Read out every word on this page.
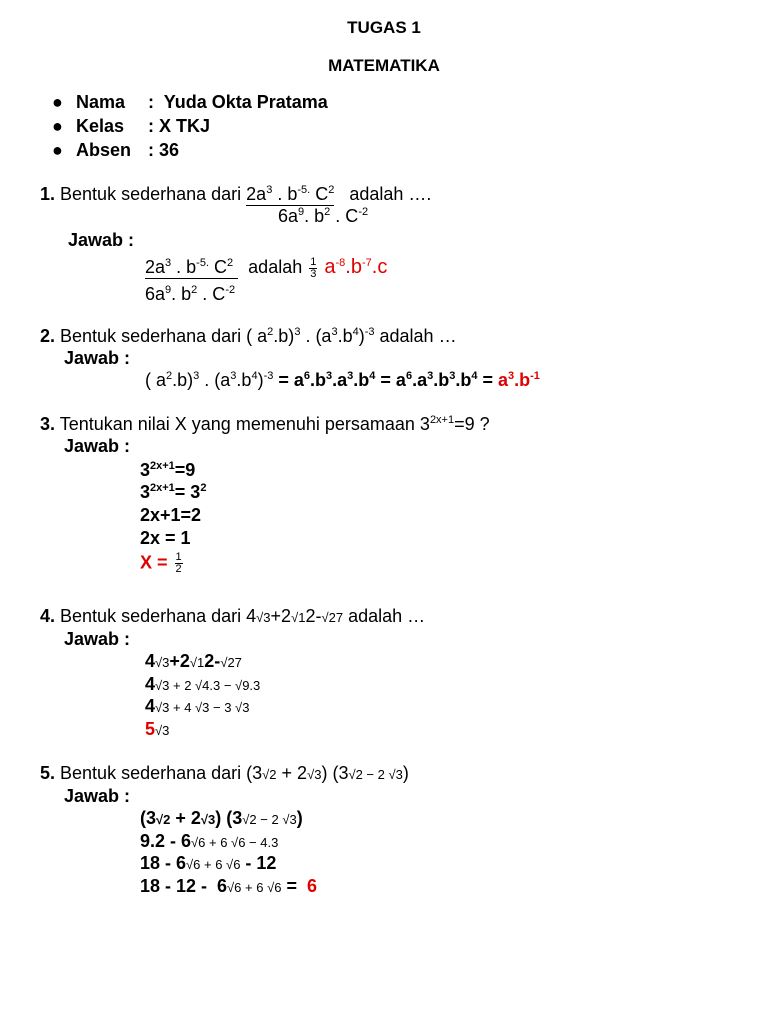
TUGAS 1
MATEMATIKA
● Nama : Yuda Okta Pratama
● Kelas : X TKJ
● Absen : 36
1. Bentuk sederhana dari $2a^3$ . $b^{-5.}$ $C^2$ adalah ….
$6a^9$. $b^2$ . $C^{-2}$
Jawab :
$2a^3$ . $b^{-5.}$ $C^2$ adalah $\frac{1}{3} a^{-8}.b^{-7}.c$
$6a^9$. $b^2$ . $C^{-2}$
2. Bentuk sederhana dari ( $a^2.b)^3$ . $(a^3.b^4)^{-3}$ adalah …
Jawab :
( $a^2.b)^3$ . $(a^3.b^4)^{-3} = a^6.b^3.a^3.b^4 = a^6.a^3.b^3.b^4 = a^3.b^{-1}$
3. Tentukan nilai X yang memenuhi persamaan $3^{2x+1}=9$ ?
Jawab :
$3^{2x+1}=9$
$3^{2x+1}= 3^2$
2x+1=2
2x = 1
$X = \frac{1}{2}$
4. Bentuk sederhana dari 4√3+2√12-√27 adalah …
Jawab :
4√3+2√12-√27
4√3 + 2 √4.3 − √9.3
4√3 + 4 √3 − 3 √3
5√3
5. Bentuk sederhana dari (3√2 + 2√3) (3√2 − 2 √3)
Jawab :
(3√2 + 2√3) (3√2 − 2 √3)
9.2 - 6√6 + 6 √6 − 4.3
18 - 6√6 + 6 √6 - 12
18 - 12 -  6√6 + 6 √6 =  6
